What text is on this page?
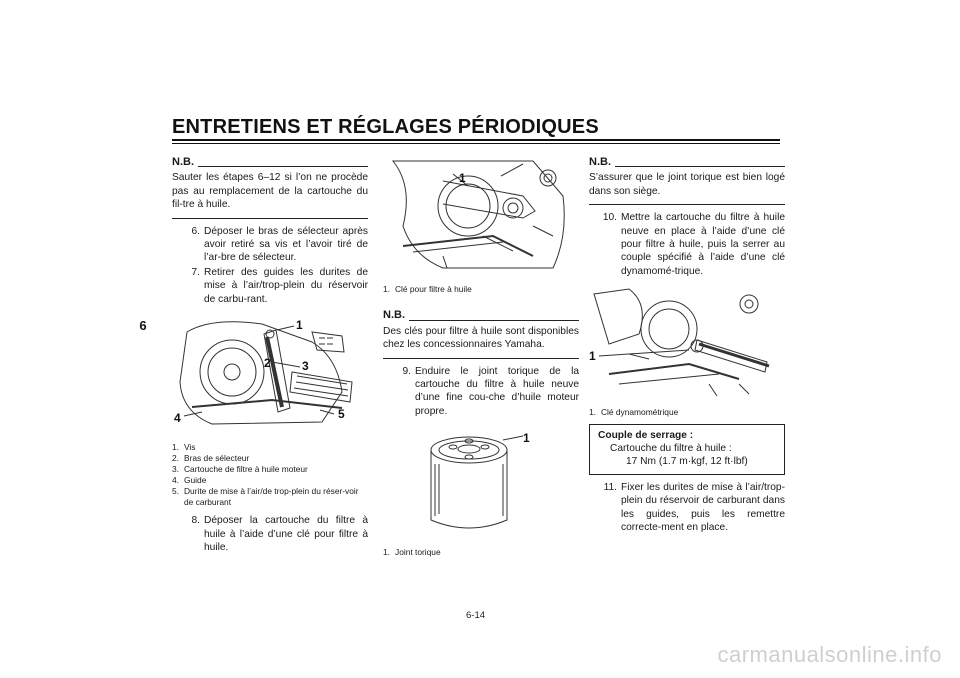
ENTRETIENS ET RÉGLAGES PÉRIODIQUES
6
N.B.
Sauter les étapes 6–12 si l’on ne procède pas au remplacement de la cartouche du fil-tre à huile.
6. Déposer le bras de sélecteur après avoir retiré sa vis et l’avoir tiré de l’ar-bre de sélecteur.
7. Retirer des guides les durites de mise à l’air/trop-plein du réservoir de carbu-rant.
1
2	3
4	5
1. Vis
2. Bras de sélecteur
3. Cartouche de filtre à huile moteur
4. Guide
5. Durite de mise à l’air/de trop-plein du réser-voir de carburant
8. Déposer la cartouche du filtre à huile à l’aide d’une clé pour filtre à huile.
1
1. Clé pour filtre à huile
N.B.
Des clés pour filtre à huile sont disponibles chez les concessionnaires Yamaha.
9. Enduire le joint torique de la cartouche du filtre à huile neuve d’une fine cou-che d’huile moteur propre.
1
1. Joint torique
N.B.
S’assurer que le joint torique est bien logé dans son siège.
10. Mettre la cartouche du filtre à huile neuve en place à l’aide d’une clé pour filtre à huile, puis la serrer au couple spécifié à l’aide d’une clé dynamomé-trique.
1
1. Clé dynamométrique
Couple de serrage :
Cartouche du filtre à huile :
17 Nm (1.7 m·kgf, 12 ft·lbf)
11. Fixer les durites de mise à l’air/trop-plein du réservoir de carburant dans les guides, puis les remettre correcte-ment en place.
6-14
carmanualsonline.info
